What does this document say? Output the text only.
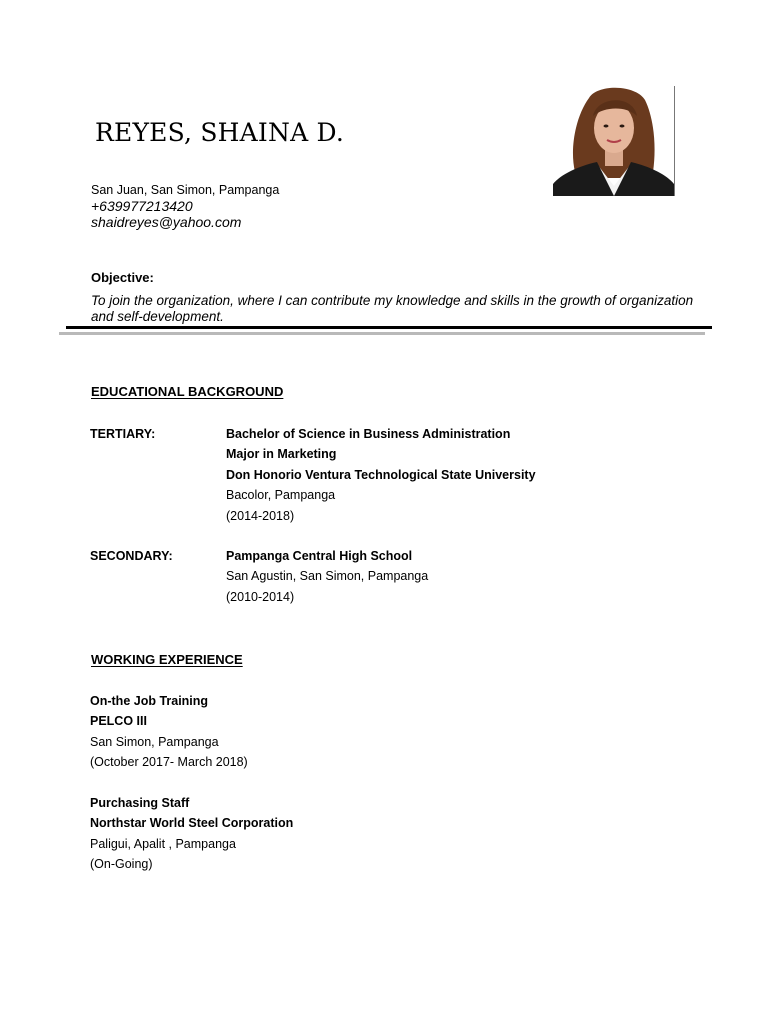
REYES, SHAINA D.
San Juan, San Simon, Pampanga
+639977213420
shaidreyes@yahoo.com
Objective:
To join the organization, where I can contribute my knowledge and skills in the growth of organization and self-development.
EDUCATIONAL BACKGROUND
TERTIARY:	Bachelor of Science in Business Administration
Major in Marketing
Don Honorio Ventura Technological State University
Bacolor, Pampanga
(2014-2018)
SECONDARY:	Pampanga Central High School
San Agustin, San Simon, Pampanga
(2010-2014)
WORKING EXPERIENCE
On-the Job Training
PELCO III
San Simon, Pampanga
(October 2017- March 2018)
Purchasing Staff
Northstar World Steel Corporation
Paligui, Apalit , Pampanga
(On-Going)
